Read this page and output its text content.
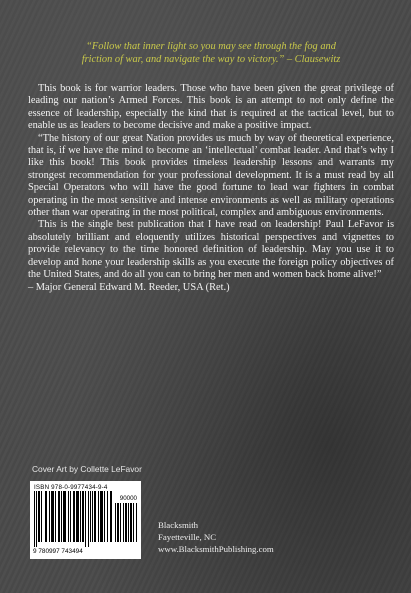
“Follow that inner light so you may see through the fog and
friction of war, and navigate the way to victory.” – Clausewitz

This book is for warrior leaders. Those who have been given the great privilege of leading our nation’s Armed Forces. This book is an attempt to not only define the essence of leadership, especially the kind that is required at the tactical level, but to enable us as leaders to become decisive and make a positive impact.

“The history of our great Nation provides us much by way of theoretical experience, that is, if we have the mind to become an ‘intellectual’ combat leader. And that’s why I like this book! This book provides timeless leadership lessons and warrants my strongest recommendation for your professional development. It is a must read by all Special Operators who will have the good fortune to lead war fighters in combat operating in the most sensitive and intense environments as well as military operations other than war operating in the most political, complex and ambiguous environments.

This is the single best publication that I have read on leadership! Paul LeFavor is absolutely brilliant and eloquently utilizes historical perspectives and vignettes to provide relevancy to the time honored definition of leadership. May you use it to develop and hone your leadership skills as you execute the foreign policy objectives of the United States, and do all you can to bring her men and women back home alive!”

– Major General Edward M. Reeder, USA (Ret.)

Cover Art by Collette LeFavor
ISBN 978-0-9977434-9-4
90000
9 780997 743494
Blacksmith
Fayetteville, NC
www.BlacksmithPublishing.com
